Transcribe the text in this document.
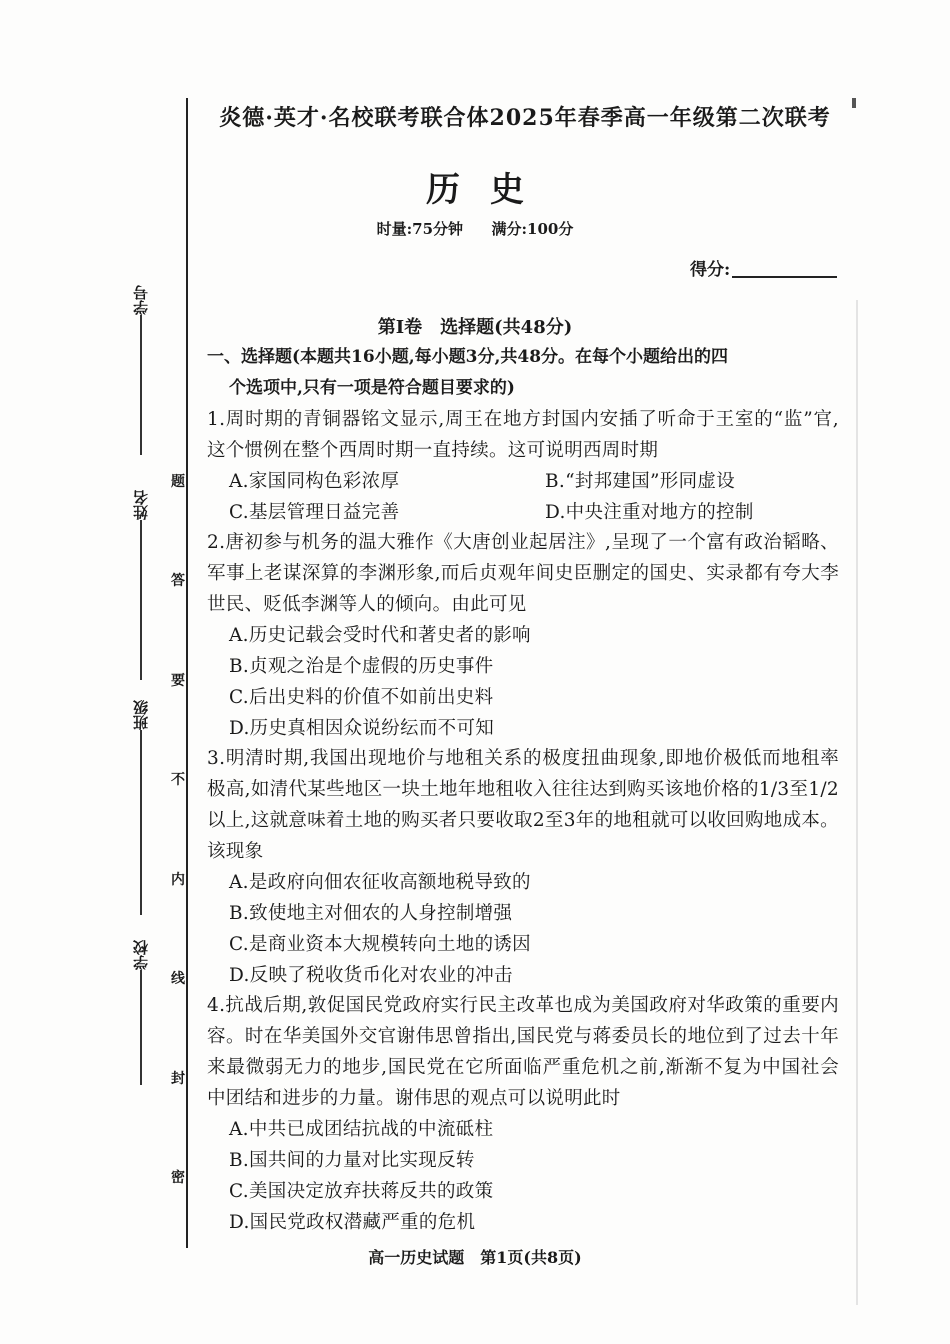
学号
姓名
班级
学校
题
答
要
不
内
线
封
密
炎德·英才·名校联考联合体2025年春季高一年级第二次联考
历史
时量:75分钟 满分:100分
得分:
第Ⅰ卷　选择题(共48分)
一、选择题(本题共16小题,每小题3分,共48分。在每个小题给出的四
个选项中,只有一项是符合题目要求的)
1.周时期的青铜器铭文显示,周王在地方封国内安插了听命于王室的“监”官,这个惯例在整个西周时期一直持续。这可说明西周时期
A.家国同构色彩浓厚	B.“封邦建国”形同虚设
C.基层管理日益完善	D.中央注重对地方的控制
2.唐初参与机务的温大雅作《大唐创业起居注》,呈现了一个富有政治韬略、军事上老谋深算的李渊形象,而后贞观年间史臣删定的国史、实录都有夸大李世民、贬低李渊等人的倾向。由此可见
A.历史记载会受时代和著史者的影响
B.贞观之治是个虚假的历史事件
C.后出史料的价值不如前出史料
D.历史真相因众说纷纭而不可知
3.明清时期,我国出现地价与地租关系的极度扭曲现象,即地价极低而地租率极高,如清代某些地区一块土地年地租收入往往达到购买该地价格的1/3至1/2以上,这就意味着土地的购买者只要收取2至3年的地租就可以收回购地成本。该现象
A.是政府向佃农征收高额地税导致的
B.致使地主对佃农的人身控制增强
C.是商业资本大规模转向土地的诱因
D.反映了税收货币化对农业的冲击
4.抗战后期,敦促国民党政府实行民主改革也成为美国政府对华政策的重要内容。时在华美国外交官谢伟思曾指出,国民党与蒋委员长的地位到了过去十年来最微弱无力的地步,国民党在它所面临严重危机之前,渐渐不复为中国社会中团结和进步的力量。谢伟思的观点可以说明此时
A.中共已成团结抗战的中流砥柱
B.国共间的力量对比实现反转
C.美国决定放弃扶蒋反共的政策
D.国民党政权潜藏严重的危机
高一历史试题　第1页(共8页)
